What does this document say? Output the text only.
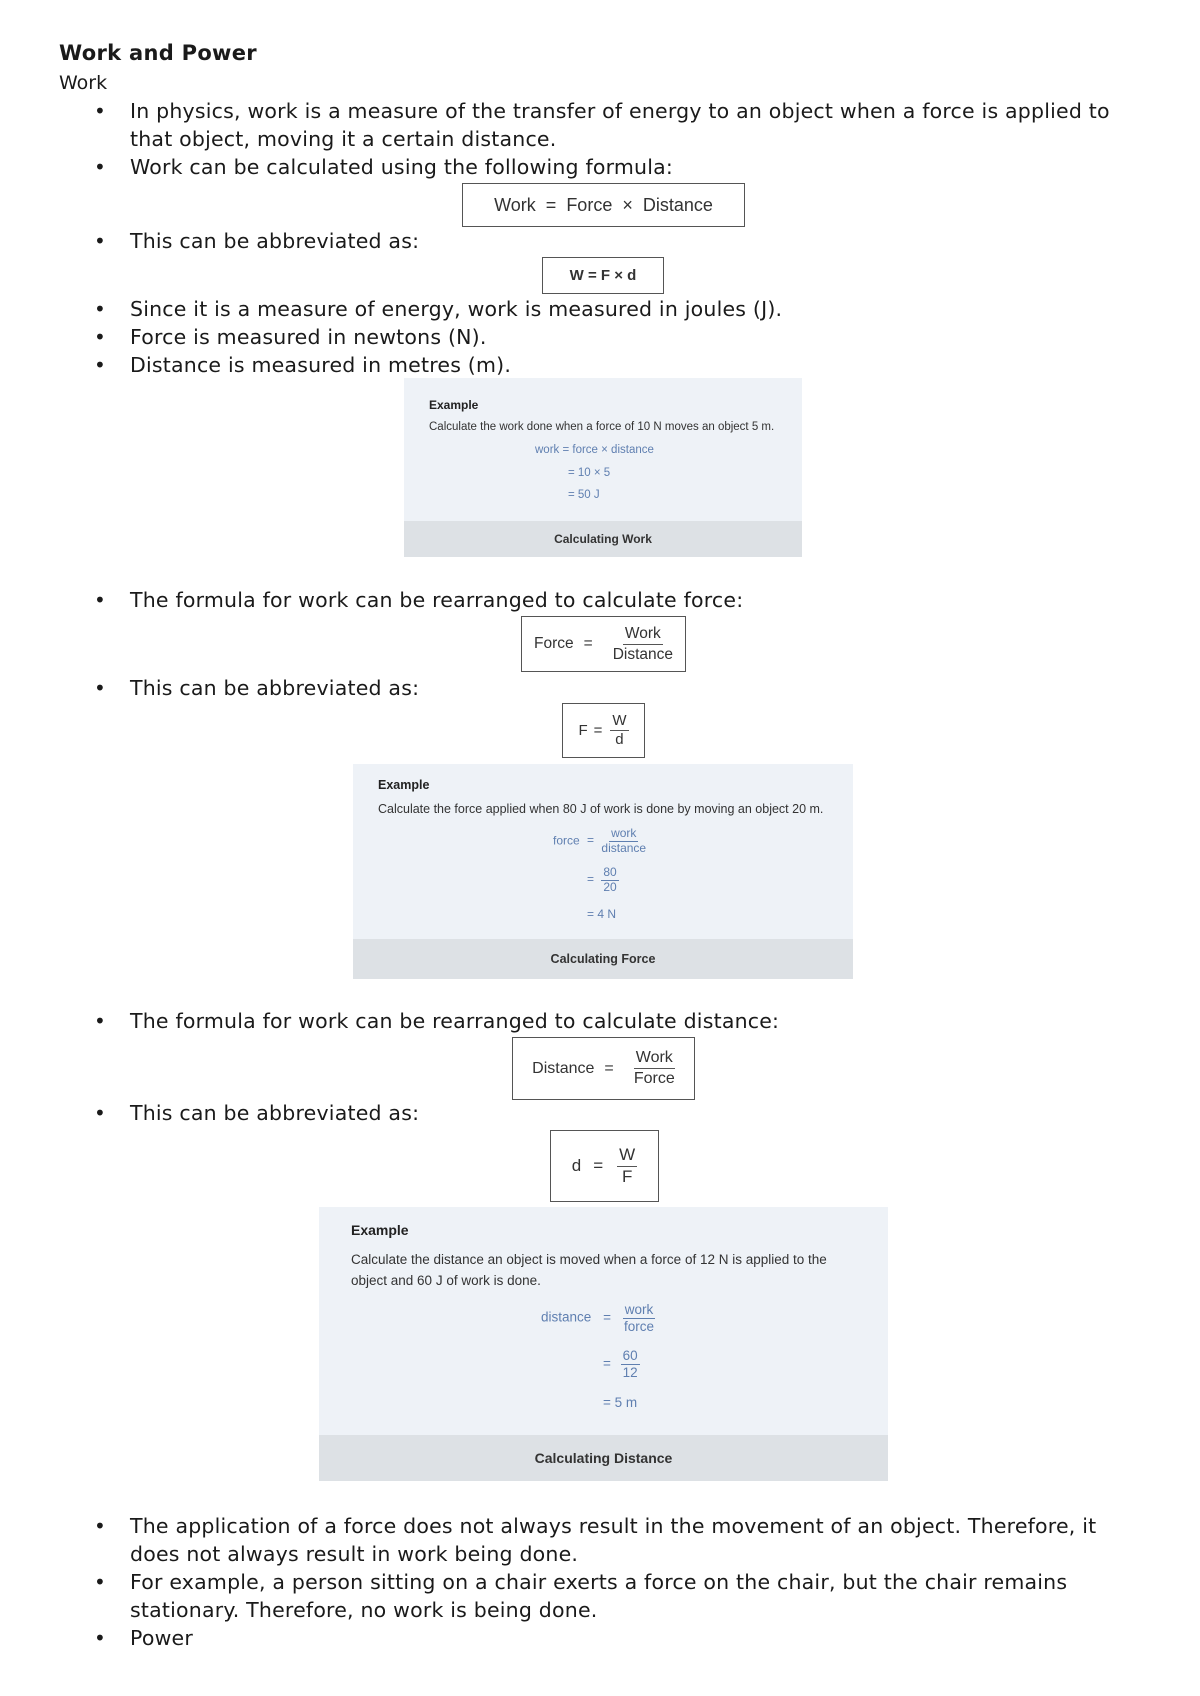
Work and Power
Work
• In physics, work is a measure of the transfer of energy to an object when a force is applied to that object, moving it a certain distance.
• Work can be calculated using the following formula:
Work = Force × Distance
• This can be abbreviated as:
W = F × d
• Since it is a measure of energy, work is measured in joules (J).
• Force is measured in newtons (N).
• Distance is measured in metres (m).
Example
Calculate the work done when a force of 10 N moves an object 5 m.
work = force × distance
= 10 × 5
= 50 J
Calculating Work
• The formula for work can be rearranged to calculate force:
Force = $\frac{\text{Work}}{\text{Distance}}$
• This can be abbreviated as:
$F = \frac{W}{d}$
Example
Calculate the force applied when 80 J of work is done by moving an object 20 m.
force =
work
distance
= $\frac{80}{20}$
= 4 N
Calculating Force
• The formula for work can be rearranged to calculate distance:
Distance = $\frac{\text{Work}}{\text{Force}}$
• This can be abbreviated as:
$d = \frac{W}{F}$
Example
Calculate the distance an object is moved when a force of 12 N is applied to the object and 60 J of work is done.
distance =
work
force
= $\frac{60}{12}$
= 5 m
Calculating Distance
• The application of a force does not always result in the movement of an object. Therefore, it does not always result in work being done.
• For example, a person sitting on a chair exerts a force on the chair, but the chair remains stationary. Therefore, no work is being done.
• Power
